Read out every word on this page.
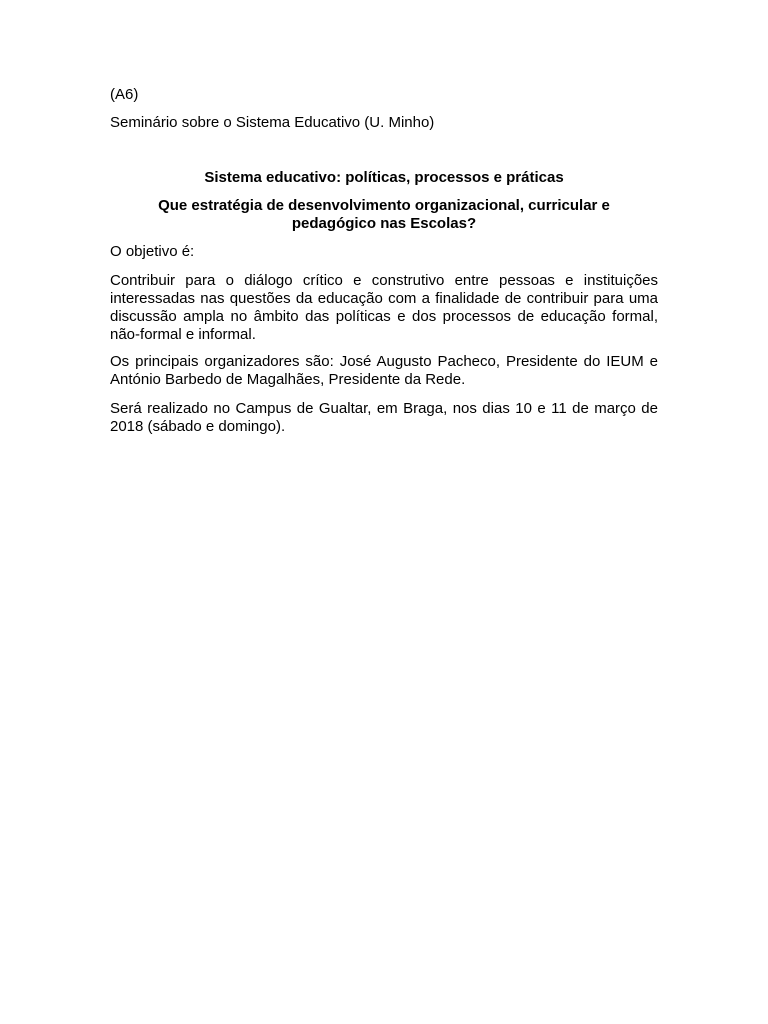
(A6)

Seminário sobre o Sistema Educativo (U. Minho)

Sistema educativo: políticas, processos e práticas

Que estratégia de desenvolvimento organizacional, curricular e pedagógico nas Escolas?

O objetivo é:

Contribuir para o diálogo crítico e construtivo entre pessoas e instituições interessadas nas questões da educação com a finalidade de contribuir para uma discussão ampla no âmbito das políticas e dos processos de educação formal, não-formal e informal.

Os principais organizadores são: José Augusto Pacheco, Presidente do IEUM e António Barbedo de Magalhães, Presidente da Rede.

Será realizado no Campus de Gualtar, em Braga, nos dias 10 e 11 de março de 2018 (sábado e domingo).
